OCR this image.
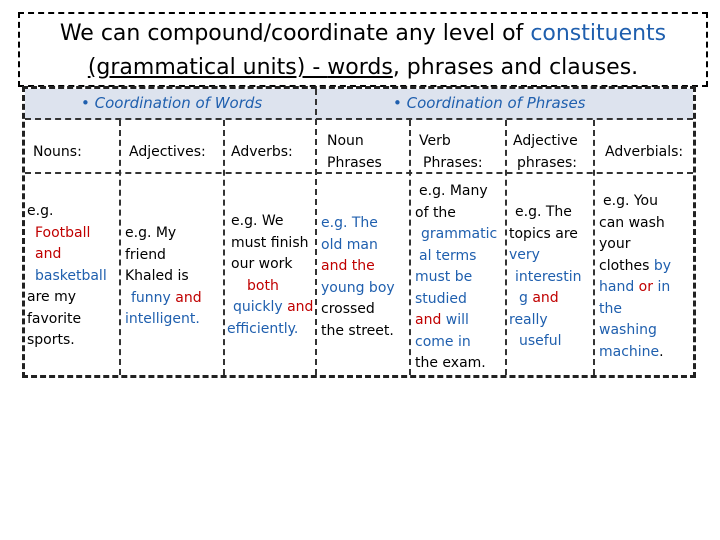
We can compound/coordinate any level of constituents
(grammatical units) - words, phrases and clauses.
• Coordination of Words	• Coordination of Phrases
Nouns:	Adjectives: Adverbs:
Noun
Phrases
Verb
Phrases:
Adjective
phrases:
Adverbials:
e.g.
Football
and
basketball
are my
favorite
sports.
e.g. My
friend
Khaled is
funny and
intelligent.
e.g. We
must finish
our work
both
quickly and
efficiently.
e.g. The
old man
and the
young boy
crossed
the street.
e.g. Many
of the
grammatic
al terms
must be
studied
and will
come in
the exam.
e.g. The
topics are
very
interestin
g and
really
useful
e.g. You
can wash
your
clothes by
hand or in
the
washing
machine.
